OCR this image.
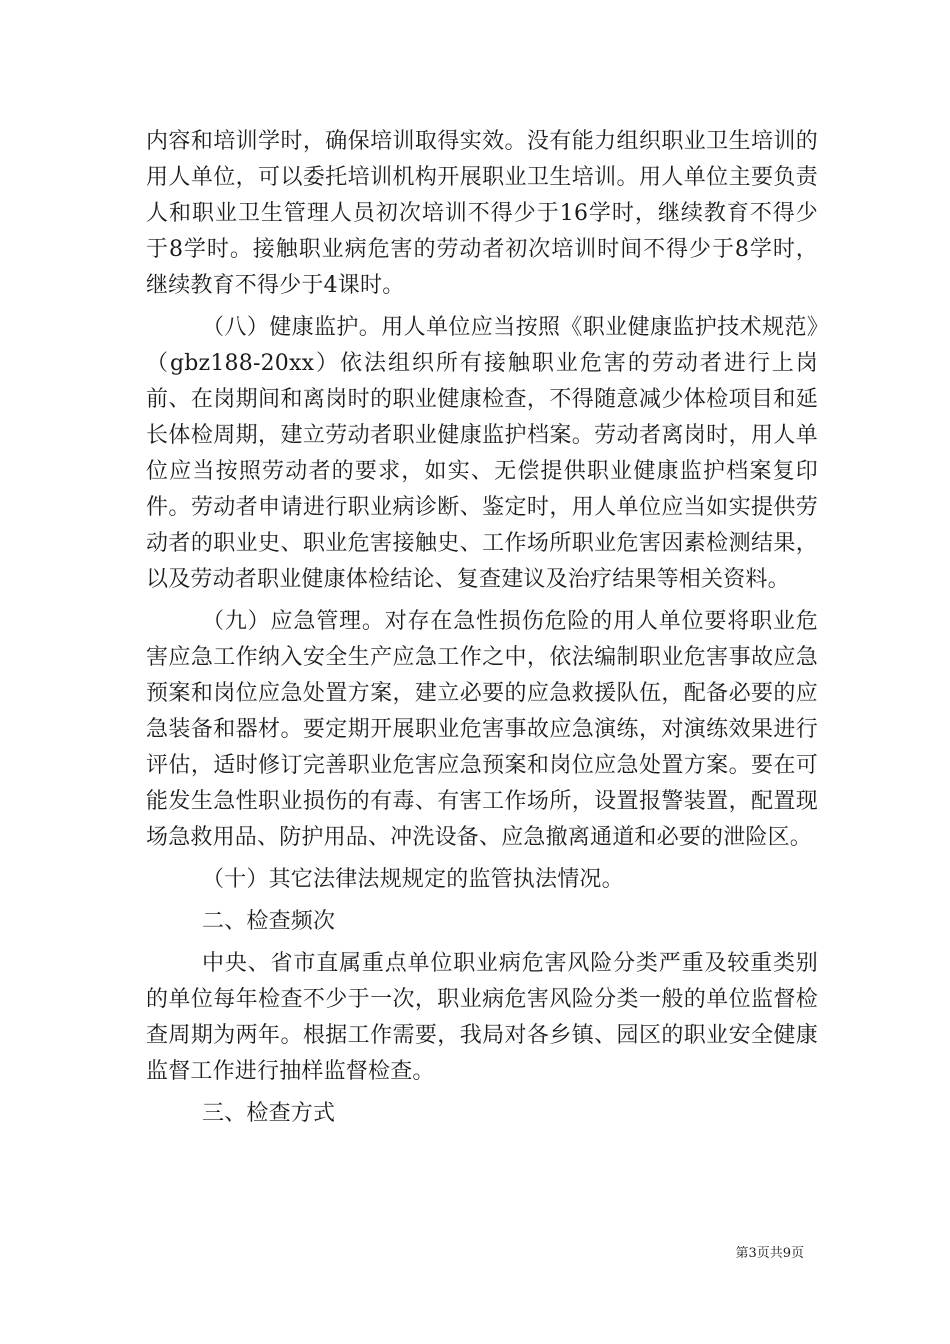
内容和培训学时，确保培训取得实效。没有能力组织职业卫生培训的用人单位，可以委托培训机构开展职业卫生培训。用人单位主要负责人和职业卫生管理人员初次培训不得少于16学时，继续教育不得少于8学时。接触职业病危害的劳动者初次培训时间不得少于8学时，继续教育不得少于4课时。

（八）健康监护。用人单位应当按照《职业健康监护技术规范》（gbz188-20xx）依法组织所有接触职业危害的劳动者进行上岗前、在岗期间和离岗时的职业健康检查，不得随意减少体检项目和延长体检周期，建立劳动者职业健康监护档案。劳动者离岗时，用人单位应当按照劳动者的要求，如实、无偿提供职业健康监护档案复印件。劳动者申请进行职业病诊断、鉴定时，用人单位应当如实提供劳动者的职业史、职业危害接触史、工作场所职业危害因素检测结果，以及劳动者职业健康体检结论、复查建议及治疗结果等相关资料。

（九）应急管理。对存在急性损伤危险的用人单位要将职业危害应急工作纳入安全生产应急工作之中，依法编制职业危害事故应急预案和岗位应急处置方案，建立必要的应急救援队伍，配备必要的应急装备和器材。要定期开展职业危害事故应急演练，对演练效果进行评估，适时修订完善职业危害应急预案和岗位应急处置方案。要在可能发生急性职业损伤的有毒、有害工作场所，设置报警装置，配置现场急救用品、防护用品、冲洗设备、应急撤离通道和必要的泄险区。

（十）其它法律法规规定的监管执法情况。

二、检查频次

中央、省市直属重点单位职业病危害风险分类严重及较重类别的单位每年检查不少于一次，职业病危害风险分类一般的单位监督检查周期为两年。根据工作需要，我局对各乡镇、园区的职业安全健康监督工作进行抽样监督检查。

三、检查方式

第3页共9页
